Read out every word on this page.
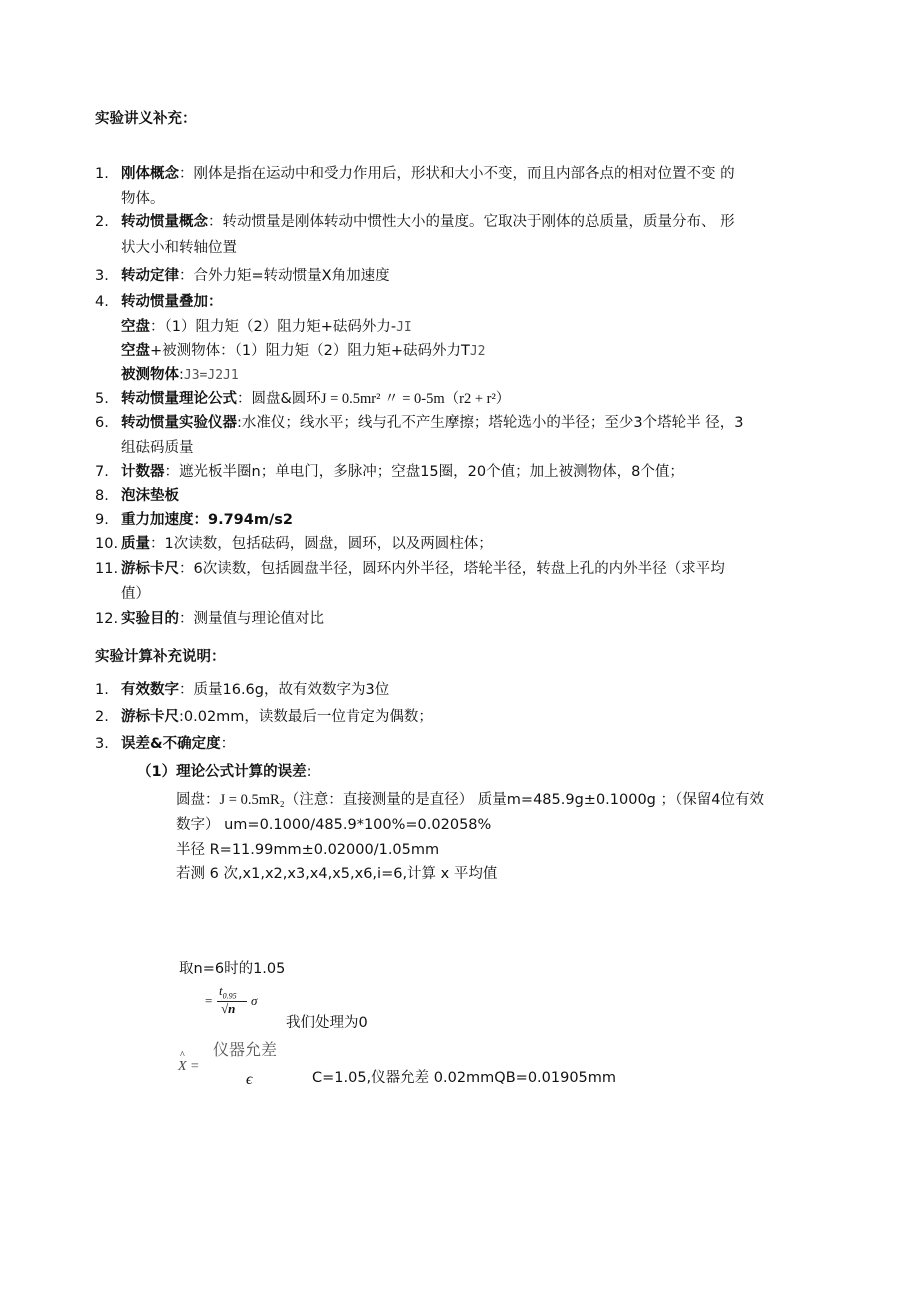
实验讲义补充：
1. 刚体概念：刚体是指在运动中和受力作用后，形状和大小不变，而且内部各点的相对位置不变 的
物体。
2. 转动惯量概念：转动惯量是刚体转动中惯性大小的量度。它取决于刚体的总质量，质量分布、 形
状大小和转轴位置
3. 转动定律：合外力矩=转动惯量X角加速度
4. 转动惯量叠加：
空盘：（1）阻力矩（2）阻力矩+砝码外力-JI
空盘+被测物体：（1）阻力矩（2）阻力矩+砝码外力TJ2
被测物体:J3=J2J1
5. 转动惯量理论公式：圆盘&圆环J = 0.5mr² 〃 = 0-5m（r2 + r²）
6. 转动惯量实验仪器:水准仪；线水平；线与孔不产生摩擦；塔轮选小的半径；至少3个塔轮半 径，3
组砝码质量
7. 计数器：遮光板半圈n；单电门，多脉冲；空盘15圈，20个值；加上被测物体，8个值；
8. 泡沫垫板
9. 重力加速度：9.794m/s2
10. 质量：1次读数，包括砝码，圆盘，圆环，以及两圆柱体；
11. 游标卡尺：6次读数，包括圆盘半径，圆环内外半径，塔轮半径，转盘上孔的内外半径（求平均
值）
12. 实验目的：测量值与理论值对比
实验计算补充说明：
1. 有效数字：质量16.6g，故有效数字为3位
2. 游标卡尺:0.02mm，读数最后一位肯定为偶数；
3. 误差&不确定度：
（1）理论公式计算的误差:
圆盘：J = 0.5mR₂（注意：直接测量的是直径） 质量m=485.9g±0.1000g ；（保留4位有效
数字） um=0.1000/485.9*100%=0.02058%
半径 R=11.99mm±0.02000/1.05mm
若测 6 次,x1,x2,x3,x4,x5,x6,i=6,计算 x 平均值
取n=6时的1.05
=
$t_{0.95}$
√n
σ
我们处理为0
^
X =
仪器允差
ϵ	C=1.05,仪器允差 0.02mmQB=0.01905mm
